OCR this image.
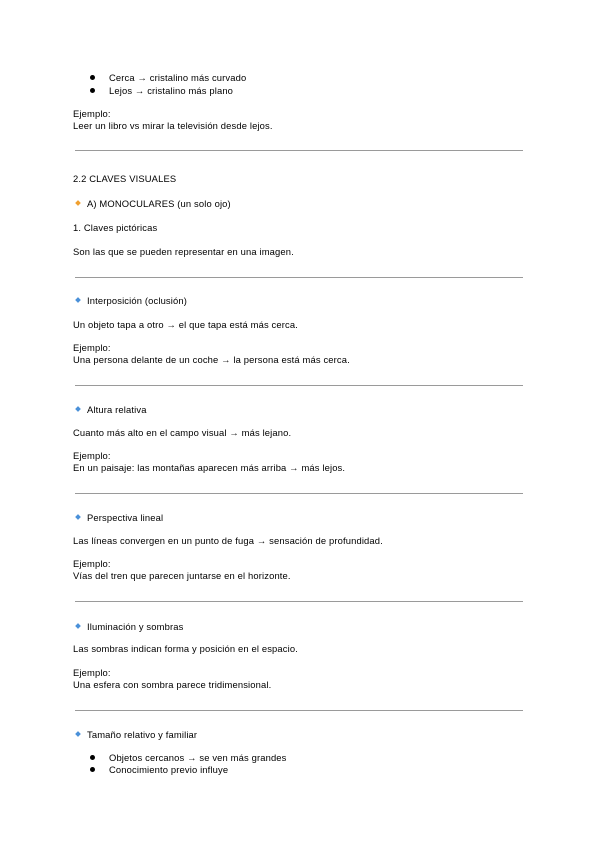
Cerca → cristalino más curvado
Lejos → cristalino más plano
Ejemplo:
Leer un libro vs mirar la televisión desde lejos.
2.2 CLAVES VISUALES
A) MONOCULARES (un solo ojo)
1. Claves pictóricas
Son las que se pueden representar en una imagen.
Interposición (oclusión)
Un objeto tapa a otro → el que tapa está más cerca.
Ejemplo:
Una persona delante de un coche → la persona está más cerca.
Altura relativa
Cuanto más alto en el campo visual → más lejano.
Ejemplo:
En un paisaje: las montañas aparecen más arriba → más lejos.
Perspectiva lineal
Las líneas convergen en un punto de fuga → sensación de profundidad.
Ejemplo:
Vías del tren que parecen juntarse en el horizonte.
Iluminación y sombras
Las sombras indican forma y posición en el espacio.
Ejemplo:
Una esfera con sombra parece tridimensional.
Tamaño relativo y familiar
Objetos cercanos → se ven más grandes
Conocimiento previo influye
